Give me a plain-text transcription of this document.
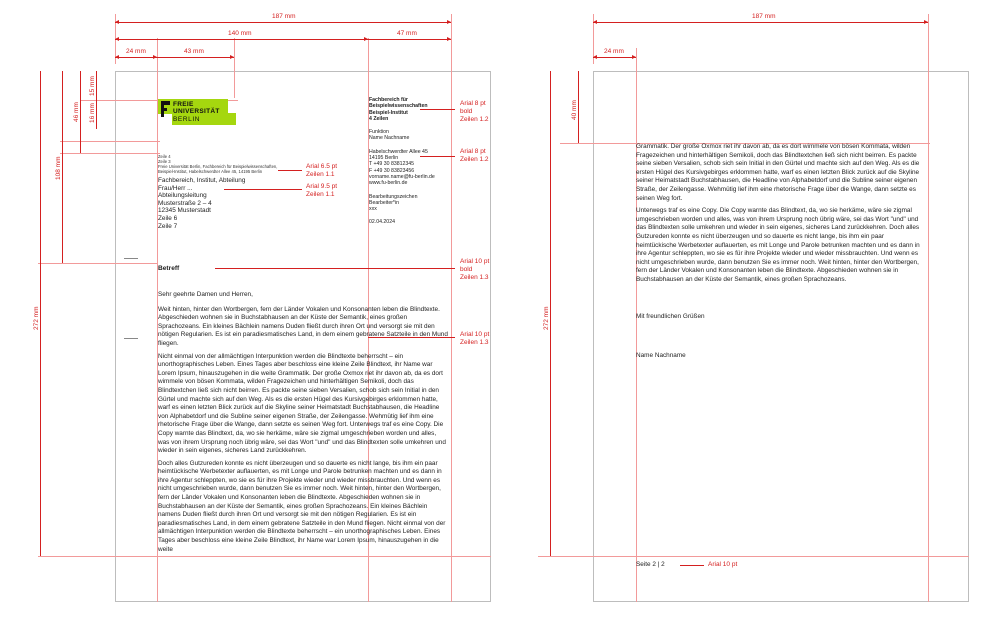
187 mm
140 mm	47 mm
24 mm	43 mm
15 mm
16 mm
46 mm
108 mm
272 mm
FREIE
UNIVERSITÄT
BERLIN
Zeile 4
Zeile 3
Freie Universität Berlin, Fachbereich für Beispielwissenschaften,
Beispiel-Institut, Habelschwerdter Allee 45, 14195 Berlin
Fachbereich, Institut, Abteilung
Frau/Herr ...
Abteilungsleitung
Musterstraße 2 – 4
12345 Musterstadt
Zeile 6
Zeile 7
Fachbereich für
Beispielwissenschaften
Beispiel-Institut
4 Zeilen
Funktion
Name Nachname
Habelschwerdter Allee 45
14195 Berlin
T +49 30 83812345
F +49 30 83823456
vorname.name@fu-berlin.de
www.fu-berlin.de
Bearbeitungszeichen
Bearbeiter*in
xxx
02.04.2024
Arial 8 pt
bold
Zeilen 1.2
Arial 8 pt
Zeilen 1.2
Arial 6.5 pt
Zeilen 1.1
Arial 9.5 pt
Zeilen 1.1
Arial 10 pt
bold
Zeilen 1.3
Arial 10 pt
Zeilen 1.3
Betreff

Sehr geehrte Damen und Herren,

Weit hinten, hinter den Wortbergen, fern der Länder Vokalen und Konsonanten leben die Blindtexte. Abgeschieden wohnen sie in Buchstabhausen an der Küste der Semantik, eines großen Sprachozeans. Ein kleines Bächlein namens Duden fließt durch ihren Ort und versorgt sie mit den nötigen Regularien. Es ist ein paradiesmatisches Land, in dem einem gebratene Satzteile in den Mund fliegen.

Nicht einmal von der allmächtigen Interpunktion werden die Blindtexte beherrscht – ein unorthographisches Leben. Eines Tages aber beschloss eine kleine Zeile Blindtext, ihr Name war Lorem Ipsum, hinauszugehen in die weite Grammatik. Der große Oxmox riet ihr davon ab, da es dort wimmele von bösen Kommata, wilden Fragezeichen und hinterhältigen Semikoli, doch das Blindtextchen ließ sich nicht beirren. Es packte seine sieben Versalien, schob sich sein Initial in den Gürtel und machte sich auf den Weg. Als es die ersten Hügel des Kursivgebirges erklommen hatte, warf es einen letzten Blick zurück auf die Skyline seiner Heimatstadt Buchstabhausen, die Headline von Alphabetdorf und die Subline seiner eigenen Straße, der Zeilengasse. Wehmütig lief ihm eine rhetorische Frage über die Wange, dann setzte es seinen Weg fort. Unterwegs traf es eine Copy. Die Copy warnte das Blindtext, da, wo sie herkäme, wäre sie zigmal umgeschrieben worden und alles, was von ihrem Ursprung noch übrig wäre, sei das Wort "und" und das Blindtexten solle umkehren und wieder in sein eigenes, sicheres Land zurückkehren.

Doch alles Gutzureden konnte es nicht überzeugen und so dauerte es nicht lange, bis ihm ein paar heimtückische Werbetexter auflauerten, es mit Longe und Parole betrunken machten und es dann in ihre Agentur schleppten, wo sie es für ihre Projekte wieder und wieder missbrauchten. Und wenn es nicht umgeschrieben wurde, dann benutzen Sie es immer noch. Weit hinten, hinter den Wortbergen, fern der Länder Vokalen und Konsonanten leben die Blindtexte. Abgeschieden wohnen sie in Buchstabhausen an der Küste der Semantik, eines großen Sprachozeans. Ein kleines Bächlein namens Duden fließt durch ihren Ort und versorgt sie mit den nötigen Regularien. Es ist ein paradiesmatisches Land, in dem einem gebratene Satzteile in den Mund fliegen. Nicht einmal von der allmächtigen Interpunktion werden die Blindtexte beherrscht – ein unorthographisches Leben. Eines Tages aber beschloss eine kleine Zeile Blindtext, ihr Name war Lorem Ipsum, hinauszugehen in die weite

187 mm
24 mm
40 mm
272 mm

Grammatik. Der große Oxmox riet ihr davon ab, da es dort wimmele von bösen Kommata, wilden Fragezeichen und hinterhältigen Semikoli, doch das Blindtextchen ließ sich nicht beirren. Es packte seine sieben Versalien, schob sich sein Initial in den Gürtel und machte sich auf den Weg. Als es die ersten Hügel des Kursivgebirges erklommen hatte, warf es einen letzten Blick zurück auf die Skyline seiner Heimatstadt Buchstabhausen, die Headline von Alphabetdorf und die Subline seiner eigenen Straße, der Zeilengasse. Wehmütig lief ihm eine rhetorische Frage über die Wange, dann setzte es seinen Weg fort.

Unterwegs traf es eine Copy. Die Copy warnte das Blindtext, da, wo sie herkäme, wäre sie zigmal umgeschrieben worden und alles, was von ihrem Ursprung noch übrig wäre, sei das Wort "und" und das Blindtexten solle umkehren und wieder in sein eigenes, sicheres Land zurückkehren. Doch alles Gutzureden konnte es nicht überzeugen und so dauerte es nicht lange, bis ihm ein paar heimtückische Werbetexter auflauerten, es mit Longe und Parole betrunken machten und es dann in ihre Agentur schleppten, wo sie es für ihre Projekte wieder und wieder missbrauchten. Und wenn es nicht umgeschrieben wurde, dann benutzen Sie es immer noch. Weit hinten, hinter den Wortbergen, fern der Länder Vokalen und Konsonanten leben die Blindtexte. Abgeschieden wohnen sie in Buchstabhausen an der Küste der Semantik, eines großen Sprachozeans.

Mit freundlichen Grüßen
Name Nachname
Seite 2 | 2	Arial 10 pt
